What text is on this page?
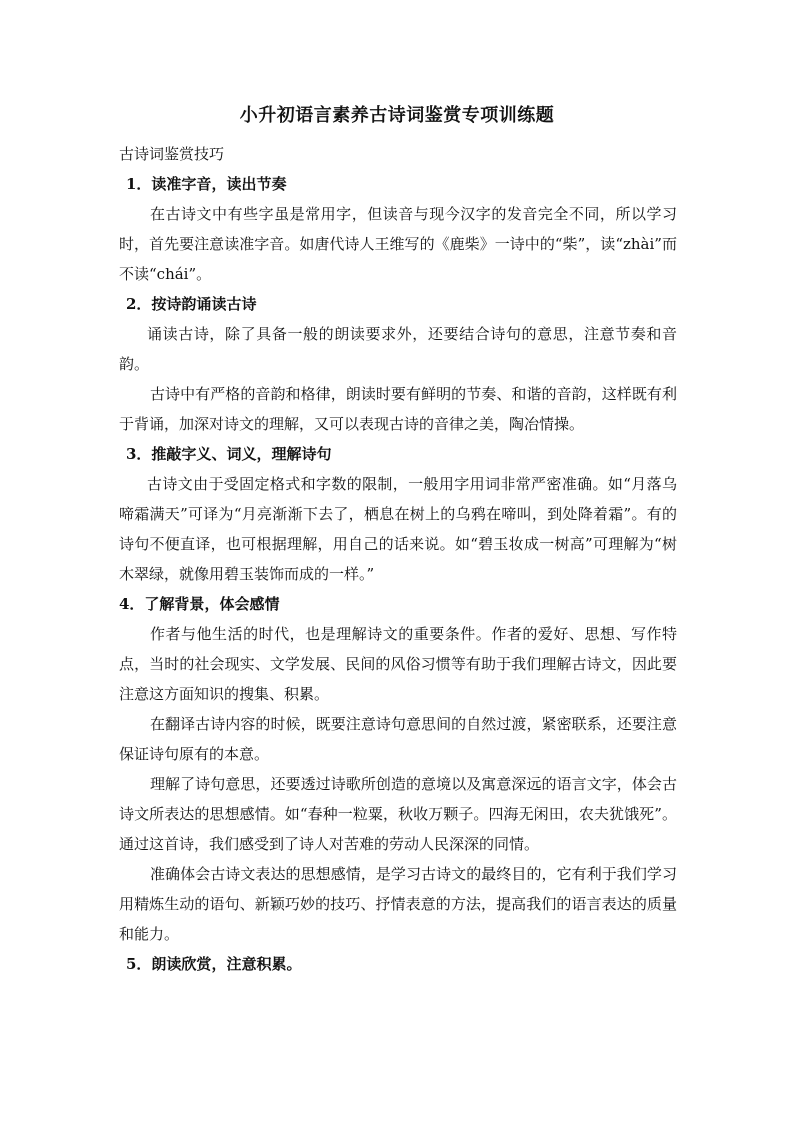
小升初语言素养古诗词鉴赏专项训练题

古诗词鉴赏技巧

1．读准字音，读出节奏

在古诗文中有些字虽是常用字，但读音与现今汉字的发音完全不同，所以学习时，首先要注意读准字音。如唐代诗人王维写的《鹿柴》一诗中的“柴”，读“zhài”而不读“chái”。

2．按诗韵诵读古诗

诵读古诗，除了具备一般的朗读要求外，还要结合诗句的意思，注意节奏和音韵。

古诗中有严格的音韵和格律，朗读时要有鲜明的节奏、和谐的音韵，这样既有利于背诵，加深对诗文的理解，又可以表现古诗的音律之美，陶冶情操。

3．推敲字义、词义，理解诗句

古诗文由于受固定格式和字数的限制，一般用字用词非常严密准确。如“月落乌啼霜满天”可译为“月亮渐渐下去了，栖息在树上的乌鸦在啼叫，到处降着霜”。有的诗句不便直译，也可根据理解，用自己的话来说。如“碧玉妆成一树高”可理解为“树木翠绿，就像用碧玉装饰而成的一样。”

4．了解背景，体会感情

作者与他生活的时代，也是理解诗文的重要条件。作者的爱好、思想、写作特点，当时的社会现实、文学发展、民间的风俗习惯等有助于我们理解古诗文，因此要注意这方面知识的搜集、积累。

在翻译古诗内容的时候，既要注意诗句意思间的自然过渡，紧密联系，还要注意保证诗句原有的本意。

理解了诗句意思，还要透过诗歌所创造的意境以及寓意深远的语言文字，体会古诗文所表达的思想感情。如“春种一粒粟，秋收万颗子。四海无闲田，农夫犹饿死”。通过这首诗，我们感受到了诗人对苦难的劳动人民深深的同情。

准确体会古诗文表达的思想感情，是学习古诗文的最终目的，它有利于我们学习用精炼生动的语句、新颖巧妙的技巧、抒情表意的方法，提高我们的语言表达的质量和能力。

5．朗读欣赏，注意积累。
